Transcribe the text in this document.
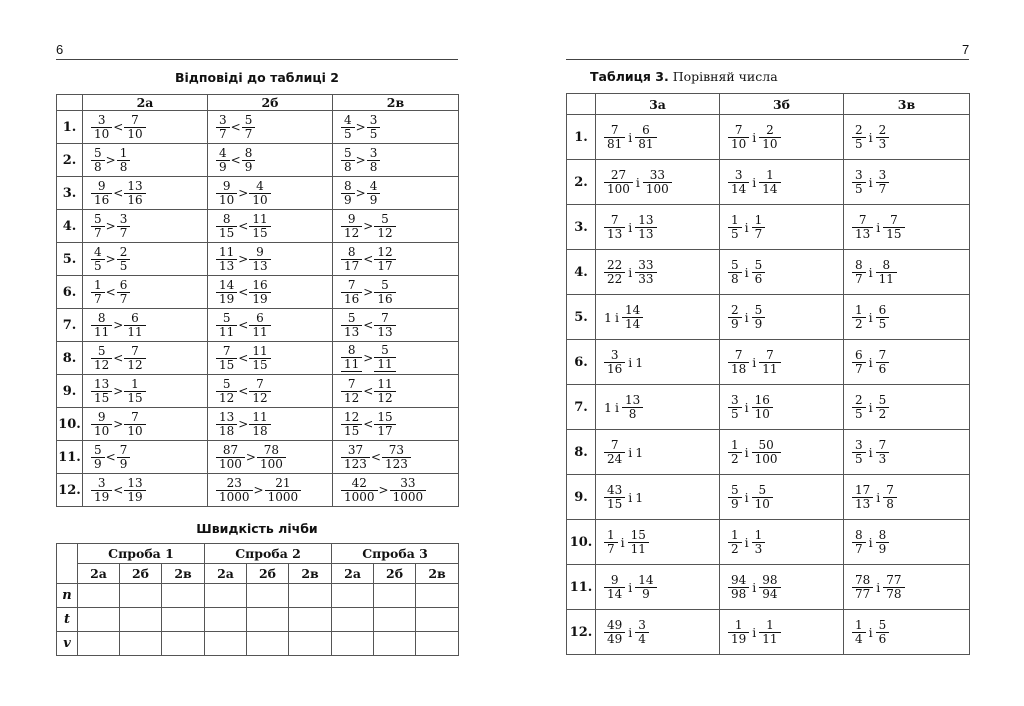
6
Відповіді до таблиці 2
	2а	2б	2в
1.	$\frac{3}{10} < \frac{7}{10}$	$\frac{3}{7} < \frac{5}{7}$	$\frac{4}{5} > \frac{3}{5}$

2.	$\frac{5}{8} > \frac{1}{8}$	$\frac{4}{9} < \frac{8}{9}$	$\frac{5}{8} > \frac{3}{8}$

3.	$\frac{9}{16} < \frac{13}{16}$	$\frac{9}{10} > \frac{4}{10}$	$\frac{8}{9} > \frac{4}{9}$

4.	$\frac{5}{7} > \frac{3}{7}$	$\frac{8}{15} < \frac{11}{15}$	$\frac{9}{12} > \frac{5}{12}$

5.	$\frac{4}{5} > \frac{2}{5}$	$\frac{11}{13} > \frac{9}{13}$	$\frac{8}{17} < \frac{12}{17}$

6.	$\frac{1}{7} < \frac{6}{7}$	$\frac{14}{19} < \frac{16}{19}$	$\frac{7}{16} > \frac{5}{16}$

7.	$\frac{8}{11} > \frac{6}{11}$	$\frac{5}{11} < \frac{6}{11}$	$\frac{5}{13} < \frac{7}{13}$

8.	$\frac{5}{12} < \frac{7}{12}$	$\frac{7}{15} < \frac{11}{15}$	$\frac{8}{11} > \frac{5}{11}$

9.	$\frac{13}{15} > \frac{1}{15}$	$\frac{5}{12} < \frac{7}{12}$	$\frac{7}{12} < \frac{11}{12}$

10.	$\frac{9}{10} > \frac{7}{10}$	$\frac{13}{18} > \frac{11}{18}$	$\frac{12}{15} < \frac{15}{17}$

11.	$\frac{5}{9} < \frac{7}{9}$	$\frac{87}{100} > \frac{78}{100}$	$\frac{37}{123} < \frac{73}{123}$

12.	$\frac{3}{19} < \frac{13}{19}$	$\frac{23}{1000} > \frac{21}{1000}$	$\frac{42}{1000} > \frac{33}{1000}$
Швидкість лічби
	Спроба 1			Спроба 2			Спроба 3		
	2а	2б	2в	2а	2б	2в	2а	2б	2в
n									
t									
v									
7
Таблиця 3. Порівняй числа
	3а	3б	3в
1.	$\frac{7}{81}$ і $\frac{6}{81}$	$\frac{7}{10}$ і $\frac{2}{10}$	$\frac{2}{5}$ і $\frac{2}{3}$

2.	$\frac{27}{100}$ і $\frac{33}{100}$	$\frac{3}{14}$ і $\frac{1}{14}$	$\frac{3}{5}$ і $\frac{3}{7}$

3.	$\frac{7}{13}$ і $\frac{13}{13}$	$\frac{1}{5}$ і $\frac{1}{7}$	$\frac{7}{13}$ і $\frac{7}{15}$

4.	$\frac{22}{22}$ і $\frac{33}{33}$	$\frac{5}{8}$ і $\frac{5}{6}$	$\frac{8}{7}$ і $\frac{8}{11}$

5.	1 і $\frac{14}{14}$	$\frac{2}{9}$ і $\frac{5}{9}$	$\frac{1}{2}$ і $\frac{6}{5}$

6.	$\frac{3}{16}$ і 1	$\frac{7}{18}$ і $\frac{7}{11}$	$\frac{6}{7}$ і $\frac{7}{6}$

7.	1 і $\frac{13}{8}$	$\frac{3}{5}$ і $\frac{16}{10}$	$\frac{2}{5}$ і $\frac{5}{2}$

8.	$\frac{7}{24}$ і 1	$\frac{1}{2}$ і $\frac{50}{100}$	$\frac{3}{5}$ і $\frac{7}{3}$

9.	$\frac{43}{15}$ і 1	$\frac{5}{9}$ і $\frac{5}{10}$	$\frac{17}{13}$ і $\frac{7}{8}$

10.	$\frac{1}{7}$ і $\frac{15}{11}$	$\frac{1}{2}$ і $\frac{1}{3}$	$\frac{8}{7}$ і $\frac{8}{9}$

11.	$\frac{9}{14}$ і $\frac{14}{9}$	$\frac{94}{98}$ і $\frac{98}{94}$	$\frac{78}{77}$ і $\frac{77}{78}$

12.	$\frac{49}{49}$ і $\frac{3}{4}$	$\frac{1}{19}$ і $\frac{1}{11}$	$\frac{1}{4}$ і $\frac{5}{6}$
